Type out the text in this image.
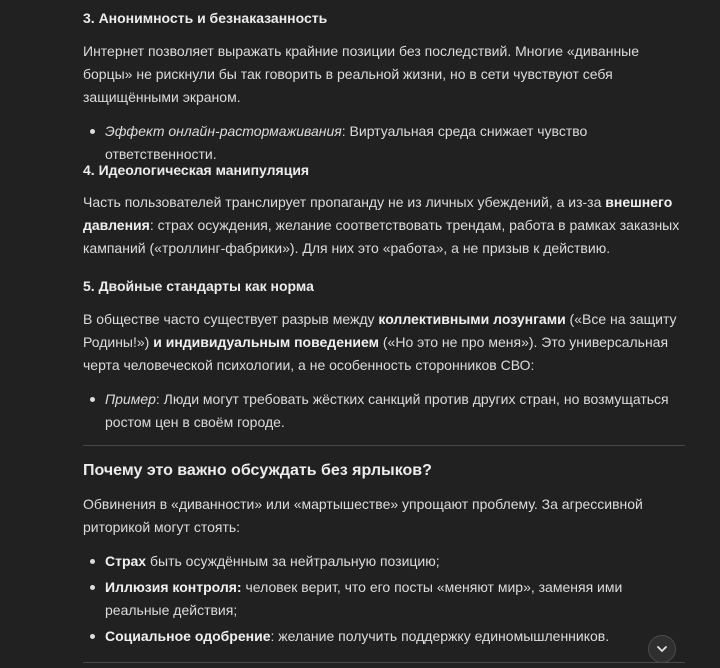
3. Анонимность и безнаказанность
Интернет позволяет выражать крайние позиции без последствий. Многие «диванные борцы» не рискнули бы так говорить в реальной жизни, но в сети чувствуют себя защищёнными экраном.
Эффект онлайн-растормаживания: Виртуальная среда снижает чувство ответственности.
4. Идеологическая манипуляция
Часть пользователей транслирует пропаганду не из личных убеждений, а из-за внешнего давления: страх осуждения, желание соответствовать трендам, работа в рамках заказных кампаний («троллинг-фабрики»). Для них это «работа», а не призыв к действию.
5. Двойные стандарты как норма
В обществе часто существует разрыв между коллективными лозунгами («Все на защиту Родины!») и индивидуальным поведением («Но это не про меня»). Это универсальная черта человеческой психологии, а не особенность сторонников СВО:
Пример: Люди могут требовать жёстких санкций против других стран, но возмущаться ростом цен в своём городе.
Почему это важно обсуждать без ярлыков?
Обвинения в «диванности» или «мартышестве» упрощают проблему. За агрессивной риторикой могут стоять:
Страх быть осуждённым за нейтральную позицию;
Иллюзия контроля: человек верит, что его посты «меняют мир», заменяя ими реальные действия;
Социальное одобрение: желание получить поддержку единомышленников.
